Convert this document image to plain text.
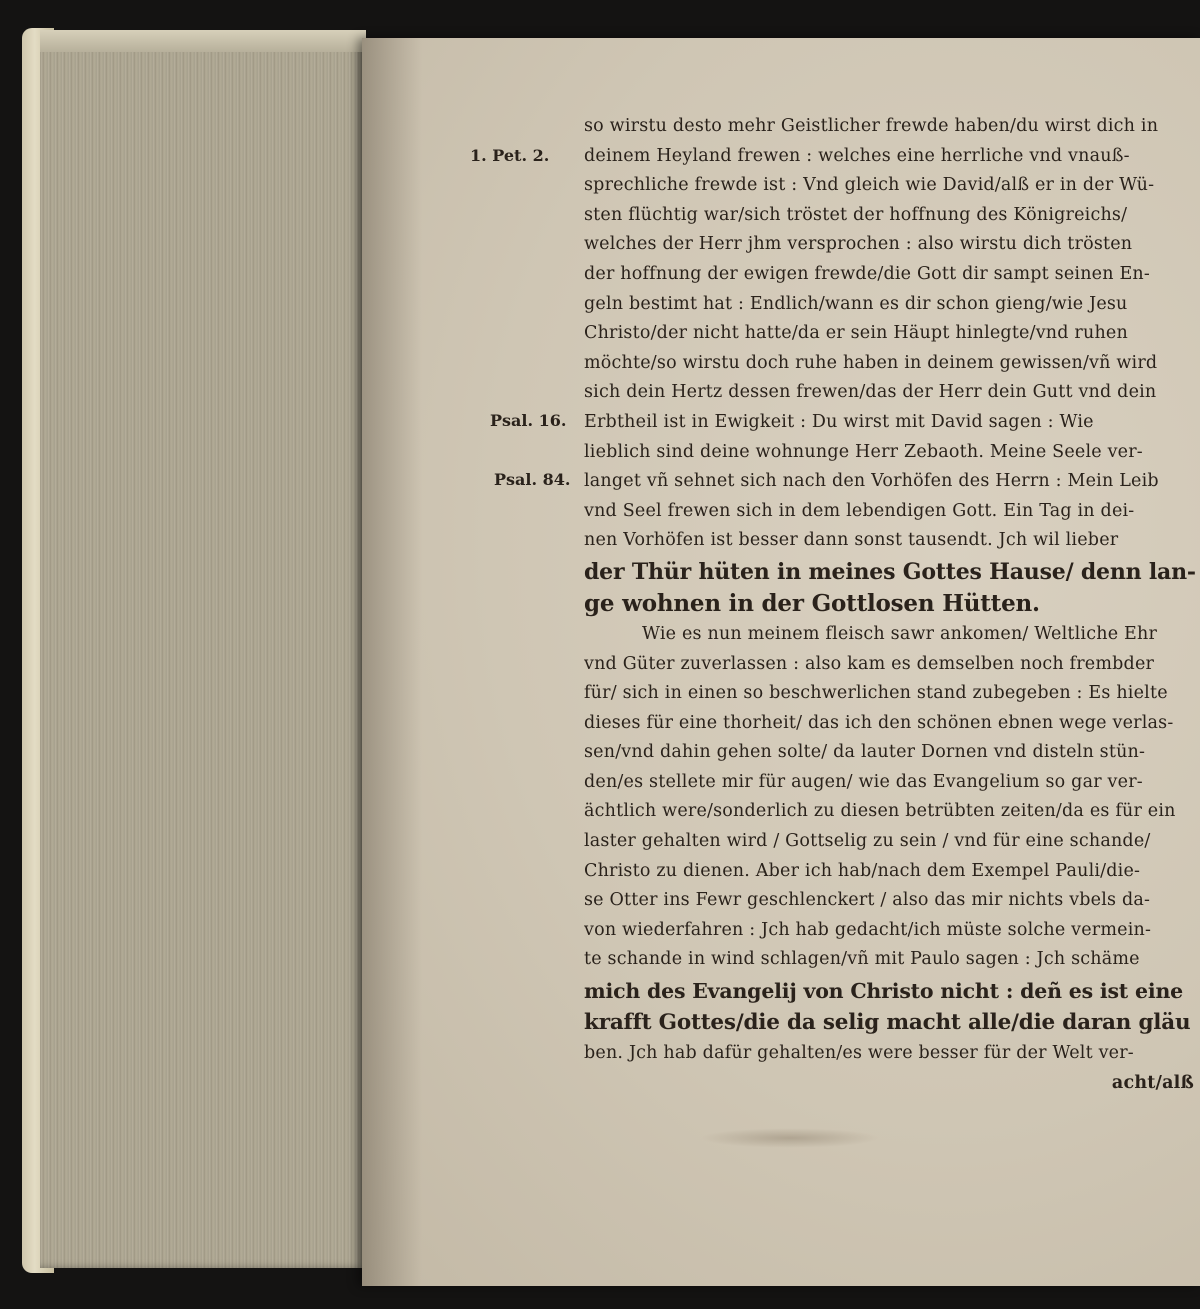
1. Pet. 2.
Psal. 16.
Psal. 84.
so wirstu desto mehr Geistlicher frewde haben/du wirst dich in
deinem Heyland frewen : welches eine herrliche vnd vnauß-
sprechliche frewde ist : Vnd gleich wie David/alß er in der Wü-
sten flüchtig war/sich tröstet der hoffnung des Königreichs/
welches der Herr jhm versprochen : also wirstu dich trösten
der hoffnung der ewigen frewde/die Gott dir sampt seinen En-
geln bestimt hat : Endlich/wann es dir schon gieng/wie Jesu
Christo/der nicht hatte/da er sein Häupt hinlegte/vnd ruhen
möchte/so wirstu doch ruhe haben in deinem gewissen/vñ wird
sich dein Hertz dessen frewen/das der Herr dein Gutt vnd dein
Erbtheil ist in Ewigkeit : Du wirst mit David sagen : Wie
lieblich sind deine wohnunge Herr Zebaoth. Meine Seele ver-
langet vñ sehnet sich nach den Vorhöfen des Herrn : Mein Leib
vnd Seel frewen sich in dem lebendigen Gott. Ein Tag in dei-
nen Vorhöfen ist besser dann sonst tausendt. Jch wil lieber
der Thür hüten in meines Gottes Hause/ denn lan-
ge wohnen in der Gottlosen Hütten.
Wie es nun meinem fleisch sawr ankomen/ Weltliche Ehr
vnd Güter zuverlassen : also kam es demselben noch frembder
für/ sich in einen so beschwerlichen stand zubegeben : Es hielte
dieses für eine thorheit/ das ich den schönen ebnen wege verlas-
sen/vnd dahin gehen solte/ da lauter Dornen vnd disteln stün-
den/es stellete mir für augen/ wie das Evangelium so gar ver-
ächtlich were/sonderlich zu diesen betrübten zeiten/da es für ein
laster gehalten wird / Gottselig zu sein / vnd für eine schande/
Christo zu dienen. Aber ich hab/nach dem Exempel Pauli/die-
se Otter ins Fewr geschlenckert / also das mir nichts vbels da-
von wiederfahren : Jch hab gedacht/ich müste solche vermein-
te schande in wind schlagen/vñ mit Paulo sagen : Jch schäme
mich des Evangelij von Christo nicht : deñ es ist eine
krafft Gottes/die da selig macht alle/die daran gläu
ben. Jch hab dafür gehalten/es were besser für der Welt ver-
acht/alß
